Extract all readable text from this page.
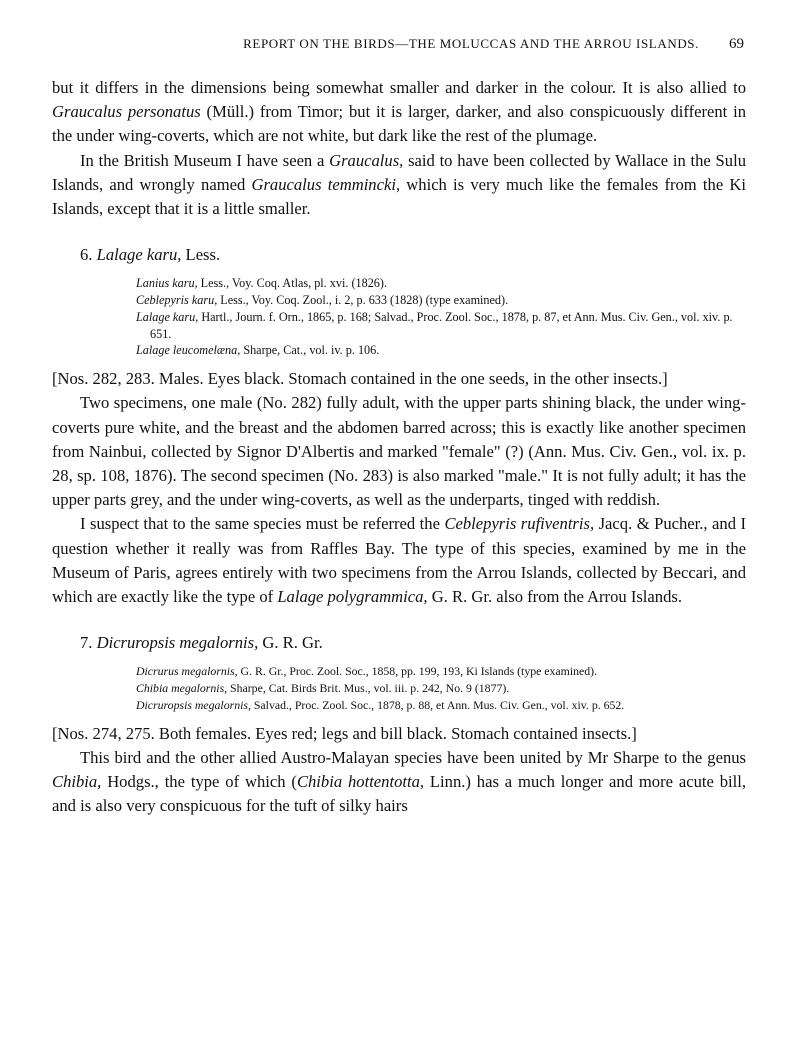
REPORT ON THE BIRDS—THE MOLUCCAS AND THE ARROU ISLANDS. 69

but it differs in the dimensions being somewhat smaller and darker in the colour. It is also allied to Graucalus personatus (Müll.) from Timor; but it is larger, darker, and also conspicuously different in the under wing-coverts, which are not white, but dark like the rest of the plumage.

In the British Museum I have seen a Graucalus, said to have been collected by Wallace in the Sulu Islands, and wrongly named Graucalus temmincki, which is very much like the females from the Ki Islands, except that it is a little smaller.

6. Lalage karu, Less.
Lanius karu, Less., Voy. Coq. Atlas, pl. xvi. (1826).
Ceblepyris karu, Less., Voy. Coq. Zool., i. 2, p. 633 (1828) (type examined).
Lalage karu, Hartl., Journ. f. Orn., 1865, p. 168; Salvad., Proc. Zool. Soc., 1878, p. 87, et Ann. Mus. Civ. Gen., vol. xiv. p. 651.
Lalage leucomelæna, Sharpe, Cat., vol. iv. p. 106.

[Nos. 282, 283. Males. Eyes black. Stomach contained in the one seeds, in the other insects.]

Two specimens, one male (No. 282) fully adult, with the upper parts shining black, the under wing-coverts pure white, and the breast and the abdomen barred across; this is exactly like another specimen from Nainbui, collected by Signor D'Albertis and marked "female" (?) (Ann. Mus. Civ. Gen., vol. ix. p. 28, sp. 108, 1876). The second specimen (No. 283) is also marked "male." It is not fully adult; it has the upper parts grey, and the under wing-coverts, as well as the underparts, tinged with reddish.

I suspect that to the same species must be referred the Ceblepyris rufiventris, Jacq. & Pucher., and I question whether it really was from Raffles Bay. The type of this species, examined by me in the Museum of Paris, agrees entirely with two specimens from the Arrou Islands, collected by Beccari, and which are exactly like the type of Lalage polygrammica, G. R. Gr. also from the Arrou Islands.

7. Dicruropsis megalornis, G. R. Gr.
Dicrurus megalornis, G. R. Gr., Proc. Zool. Soc., 1858, pp. 199, 193, Ki Islands (type examined).
Chibia megalornis, Sharpe, Cat. Birds Brit. Mus., vol. iii. p. 242, No. 9 (1877).
Dicruropsis megalornis, Salvad., Proc. Zool. Soc., 1878, p. 88, et Ann. Mus. Civ. Gen., vol. xiv. p. 652.

[Nos. 274, 275. Both females. Eyes red; legs and bill black. Stomach contained insects.]

This bird and the other allied Austro-Malayan species have been united by Mr Sharpe to the genus Chibia, Hodgs., the type of which (Chibia hottentotta, Linn.) has a much longer and more acute bill, and is also very conspicuous for the tuft of silky hairs
